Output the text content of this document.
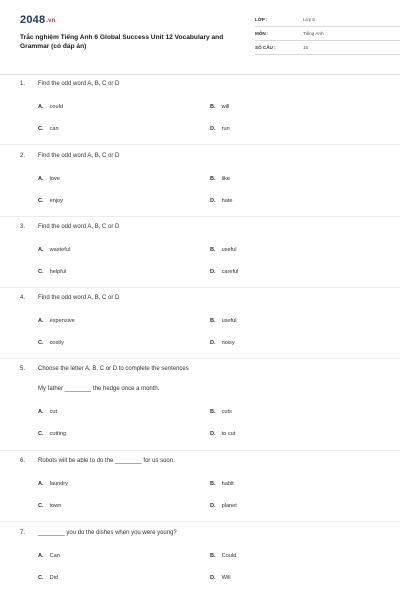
2048.vn
Trắc nghiệm Tiếng Anh 6 Global Success Unit 12 Vocabulary and Grammar (có đáp án)
LỚP :	Lớp 6
MÔN :	Tiếng Anh
SỐ CÂU :	15
1. Find the odd word A, B, C or D
A. could	B. will
C. can	D. run
2. Find the odd word A, B, C or D
A. love	B. like
C. enjoy	D. hate
3. Find the odd word A, B, C or D
A. wasteful	B. useful
C. helpful	D. careful
4. Find the odd word A, B, C or D
A. expensive	B. useful
C. costly	D. noisy
5. Choose the letter A, B, C or D to complete the sentences
My father ________ the hedge once a month.
A. cut	B. cuts
C. cutting	D. to cut
6. Robots will be able to do the ________ for us soon.
A. laundry	B. habit
C. town	D. planet
7. ________ you do the dishes when you were young?
A. Can	B. Could
C. Did	D. Will
